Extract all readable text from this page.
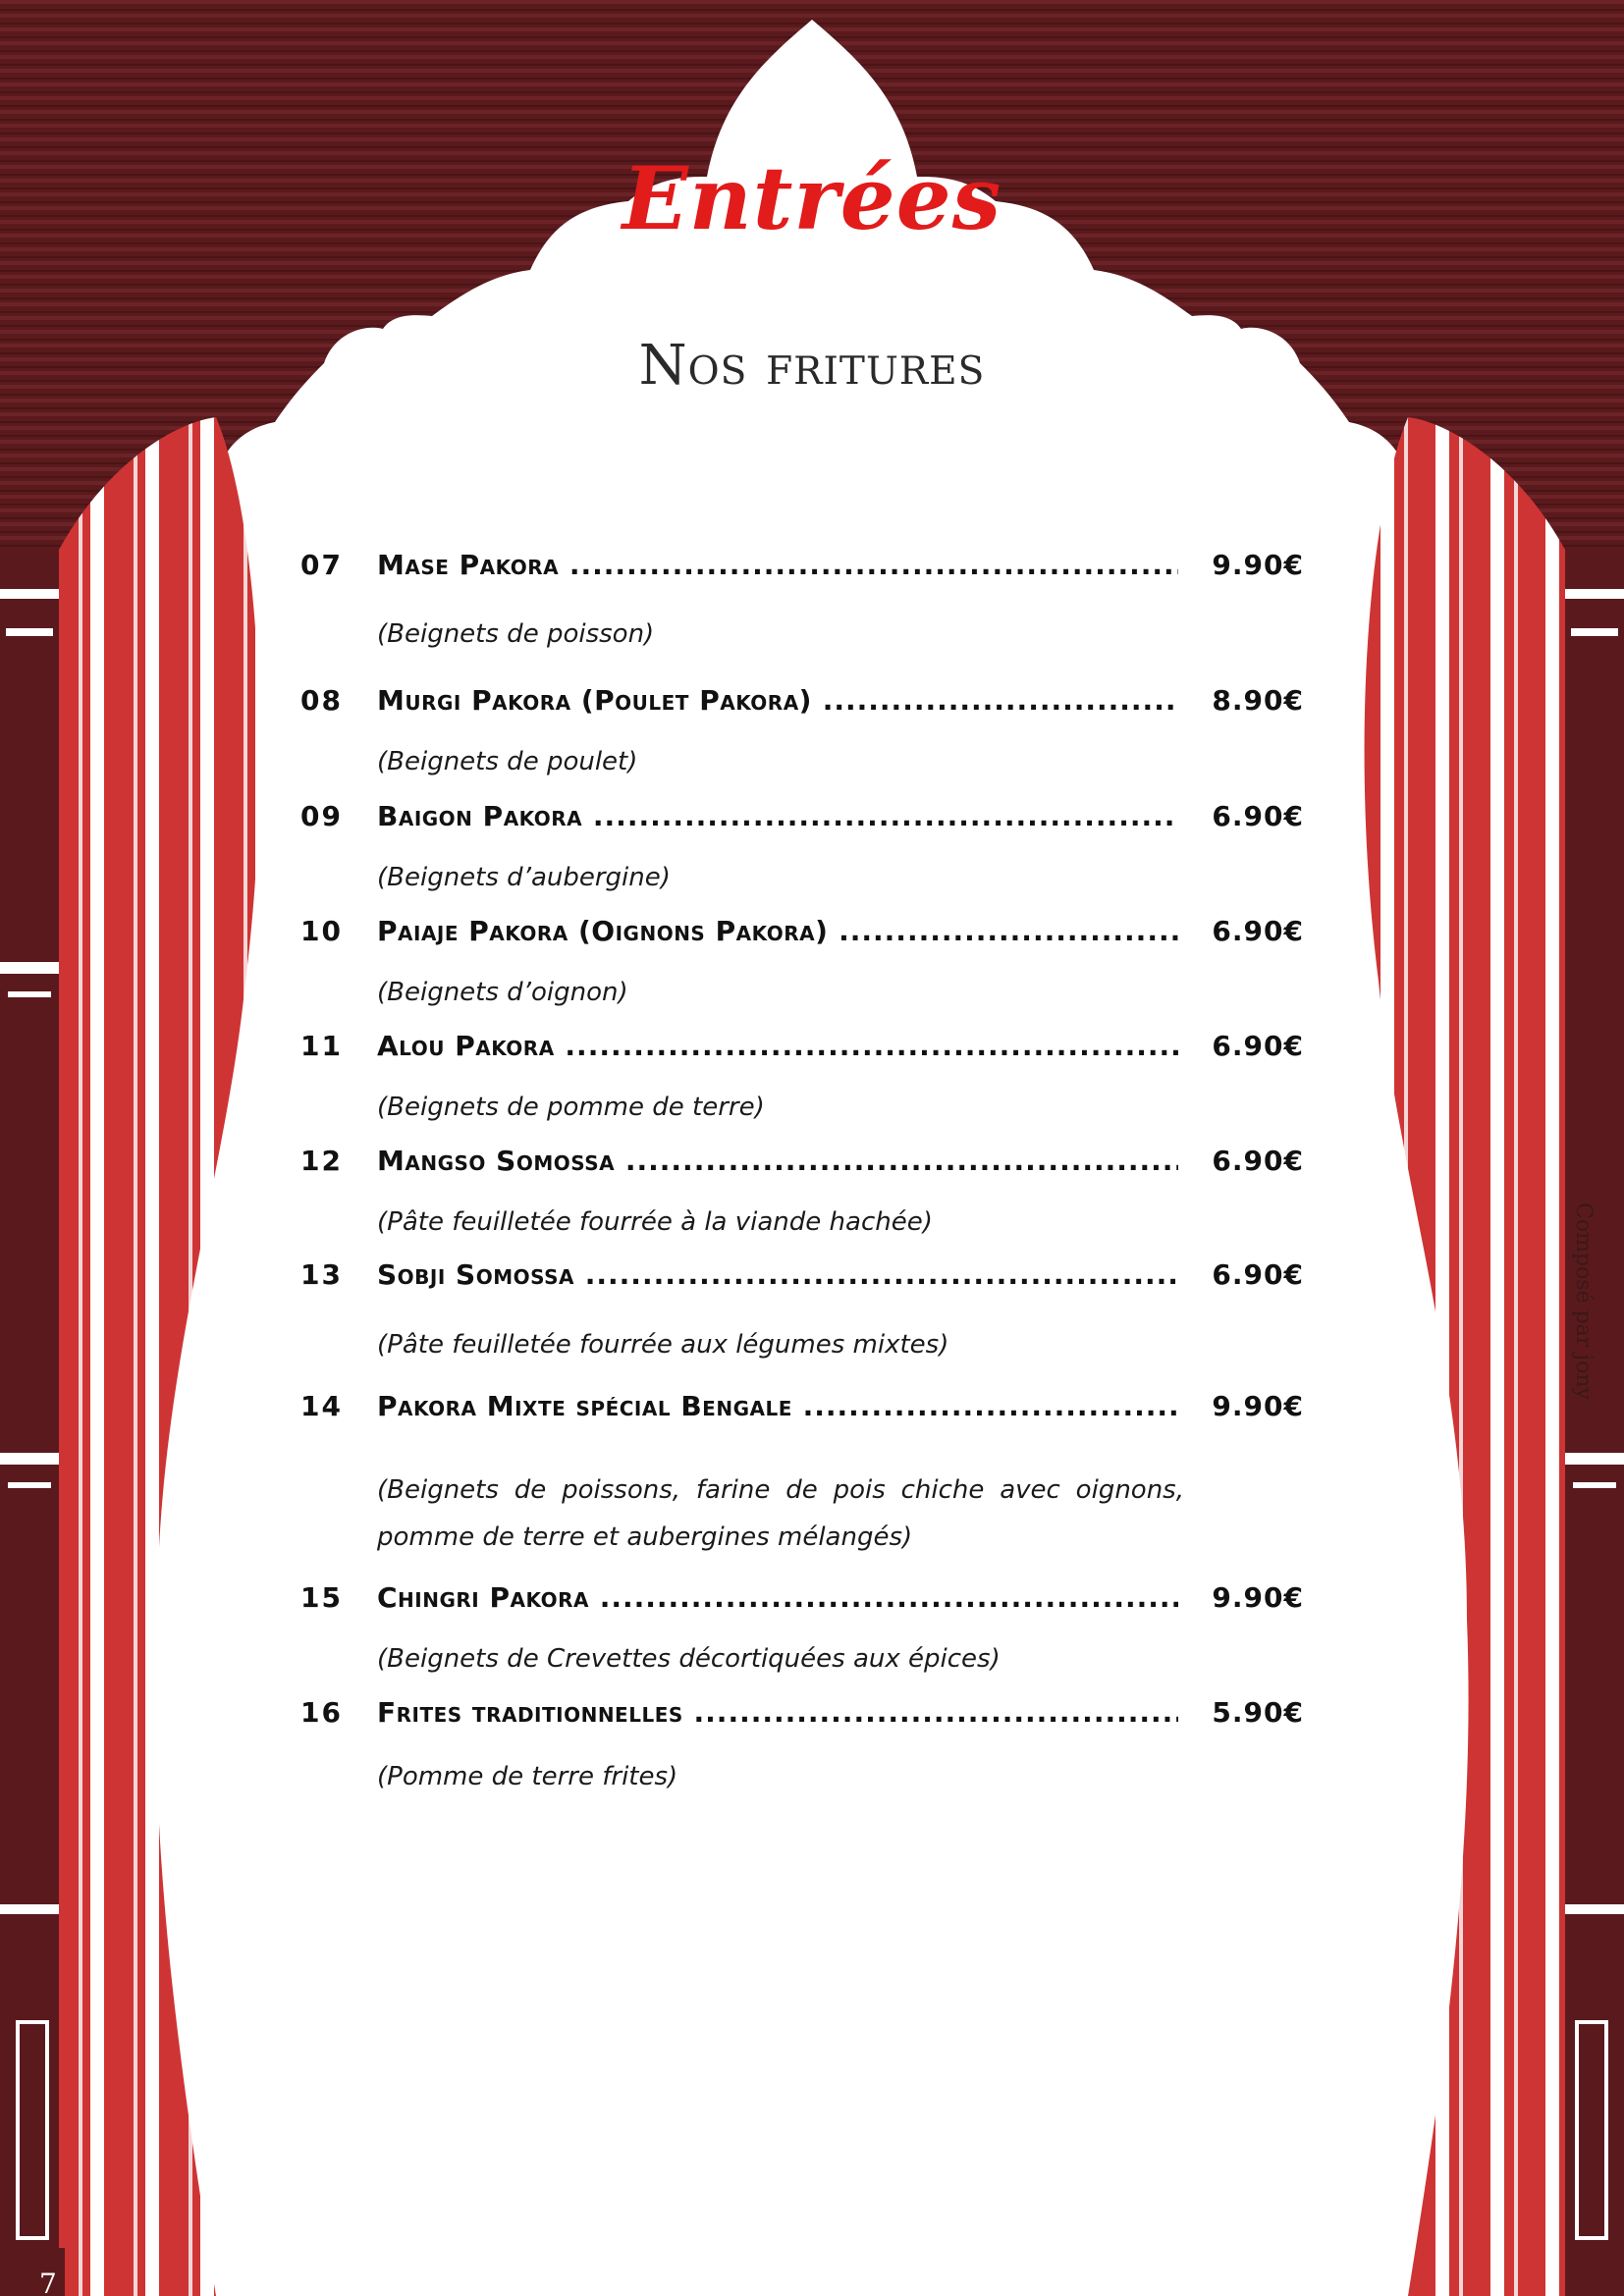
Entrées
Nos fritures
07 Mase Pakora .....	9.90€
(Beignets de poisson)
08 Murgi Pakora (Poulet Pakora) .....	8.90€
(Beignets de poulet)
09 Baigon Pakora .....	6.90€
(Beignets d’aubergine)
10 Paiaje Pakora (Oignons Pakora) .....	6.90€
(Beignets d’oignon)
11 Alou Pakora .....	6.90€
(Beignets de pomme de terre)
12 Mangso Somossa .....	6.90€
(Pâte feuilletée fourrée à la viande hachée)
13 Sobji Somossa .....	6.90€
(Pâte feuilletée fourrée aux légumes mixtes)
14 Pakora Mixte spécial Bengale .....	9.90€
(Beignets de poissons, farine de pois chiche avec oignons, pomme de terre et aubergines mélangés)
15 Chingri Pakora .....	9.90€
(Beignets de Crevettes décortiquées aux épices)
16 Frites traditionnelles .....	5.90€
(Pomme de terre frites)
Composé par jony
7
